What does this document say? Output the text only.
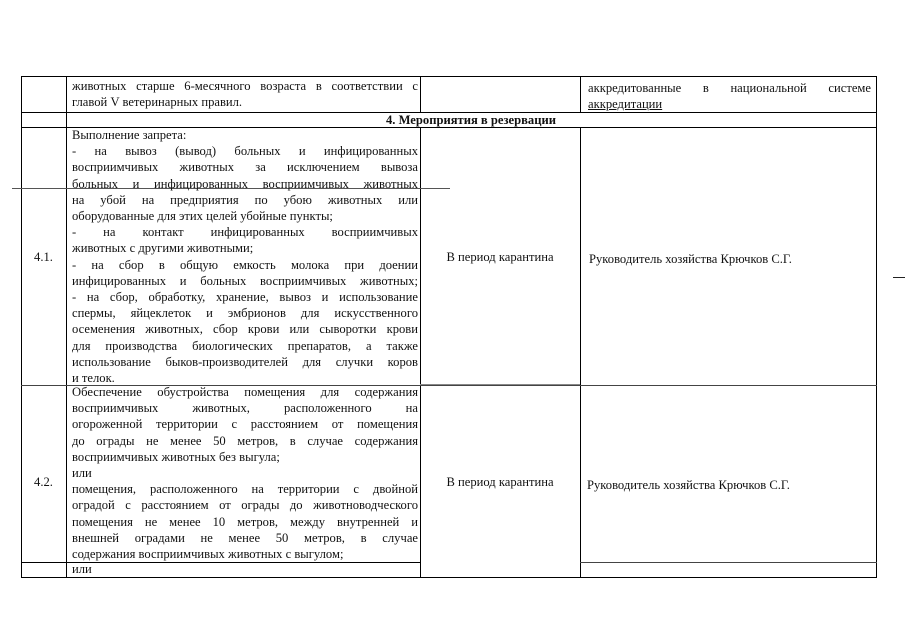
животных старше 6-месячного возраста в соответствии с
главой V ветеринарных правил.
аккредитованные в национальной системе
аккредитации
4. Мероприятия в резервации
4.1.
Выполнение запрета:
- на вывоз (вывод) больных и инфицированных
восприимчивых животных за исключением вывоза
больных и инфицированных восприимчивых животных
на убой на предприятия по убою животных или
оборудованные для этих целей убойные пункты;
- на контакт инфицированных восприимчивых
животных с другими животными;
- на сбор в общую емкость молока при доении
инфицированных и больных восприимчивых животных;
- на сбор, обработку, хранение, вывоз и использование
спермы, яйцеклеток и эмбрионов для искусственного
осеменения животных, сбор крови или сыворотки крови
для производства биологических препаратов, а также
использование быков-производителей для случки коров
и телок.
В период карантина	Руководитель хозяйства Крючков С.Г.
4.2.
Обеспечение обустройства помещения для содержания
восприимчивых животных, расположенного на
огороженной территории с расстоянием от помещения
до ограды не менее 50 метров, в случае содержания
восприимчивых животных без выгула;
или
помещения, расположенного на территории с двойной
оградой с расстоянием от ограды до животноводческого
помещения не менее 10 метров, между внутренней и
внешней оградами не менее 50 метров, в случае
содержания восприимчивых животных с выгулом;
В период карантина	Руководитель хозяйства Крючков С.Г.
или
